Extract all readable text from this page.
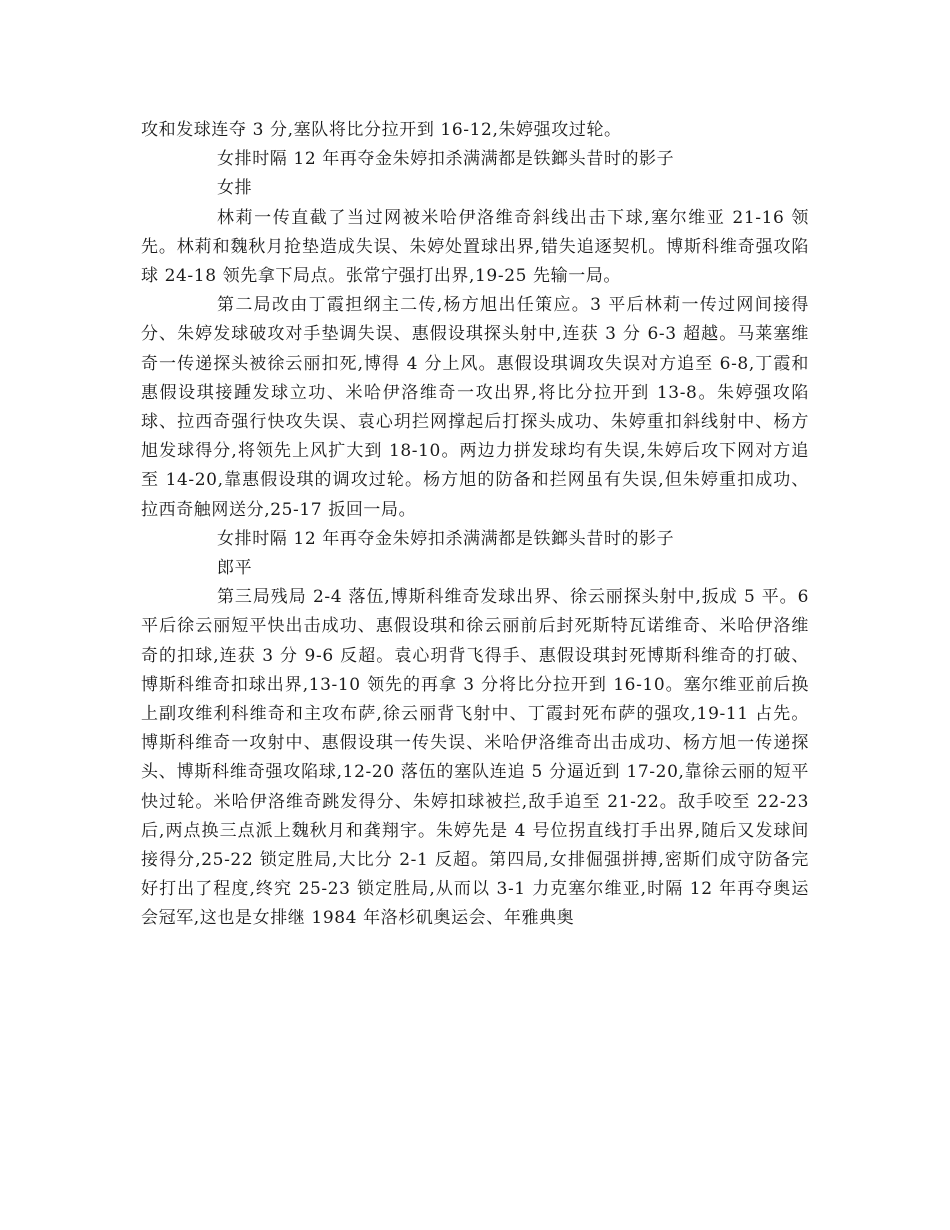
攻和发球连夺 3 分,塞队将比分拉开到 16-12,朱婷强攻过轮。

女排时隔 12 年再夺金朱婷扣杀满满都是铁鎯头昔时的影子

女排

林莉一传直截了当过网被米哈伊洛维奇斜线出击下球,塞尔维亚 21-16 领先。林莉和魏秋月抢垫造成失误、朱婷处置球出界,错失追逐契机。博斯科维奇强攻陷球 24-18 领先拿下局点。张常宁强打出界,19-25 先输一局。

第二局改由丁霞担纲主二传,杨方旭出任策应。3 平后林莉一传过网间接得分、朱婷发球破攻对手垫调失误、惠假设琪探头射中,连获 3 分 6-3 超越。马莱塞维奇一传递探头被徐云丽扣死,博得 4 分上风。惠假设琪调攻失误对方追至 6-8,丁霞和惠假设琪接踵发球立功、米哈伊洛维奇一攻出界,将比分拉开到 13-8。朱婷强攻陷球、拉西奇强行快攻失误、袁心玥拦网撑起后打探头成功、朱婷重扣斜线射中、杨方旭发球得分,将领先上风扩大到 18-10。两边力拼发球均有失误,朱婷后攻下网对方追至 14-20,靠惠假设琪的调攻过轮。杨方旭的防备和拦网虽有失误,但朱婷重扣成功、拉西奇触网送分,25-17 扳回一局。

女排时隔 12 年再夺金朱婷扣杀满满都是铁鎯头昔时的影子

郎平

第三局残局 2-4 落伍,博斯科维奇发球出界、徐云丽探头射中,扳成 5 平。6 平后徐云丽短平快出击成功、惠假设琪和徐云丽前后封死斯特瓦诺维奇、米哈伊洛维奇的扣球,连获 3 分 9-6 反超。袁心玥背飞得手、惠假设琪封死博斯科维奇的打破、博斯科维奇扣球出界,13-10 领先的再拿 3 分将比分拉开到 16-10。塞尔维亚前后换上副攻维利科维奇和主攻布萨,徐云丽背飞射中、丁霞封死布萨的强攻,19-11 占先。博斯科维奇一攻射中、惠假设琪一传失误、米哈伊洛维奇出击成功、杨方旭一传递探头、博斯科维奇强攻陷球,12-20 落伍的塞队连追 5 分逼近到 17-20,靠徐云丽的短平快过轮。米哈伊洛维奇跳发得分、朱婷扣球被拦,敌手追至 21-22。敌手咬至 22-23 后,两点换三点派上魏秋月和龚翔宇。朱婷先是 4 号位拐直线打手出界,随后又发球间接得分,25-22 锁定胜局,大比分 2-1 反超。第四局,女排倔强拼搏,密斯们成守防备完好打出了程度,终究 25-23 锁定胜局,从而以 3-1 力克塞尔维亚,时隔 12 年再夺奥运会冠军,这也是女排继 1984 年洛杉矶奥运会、年雅典奥
